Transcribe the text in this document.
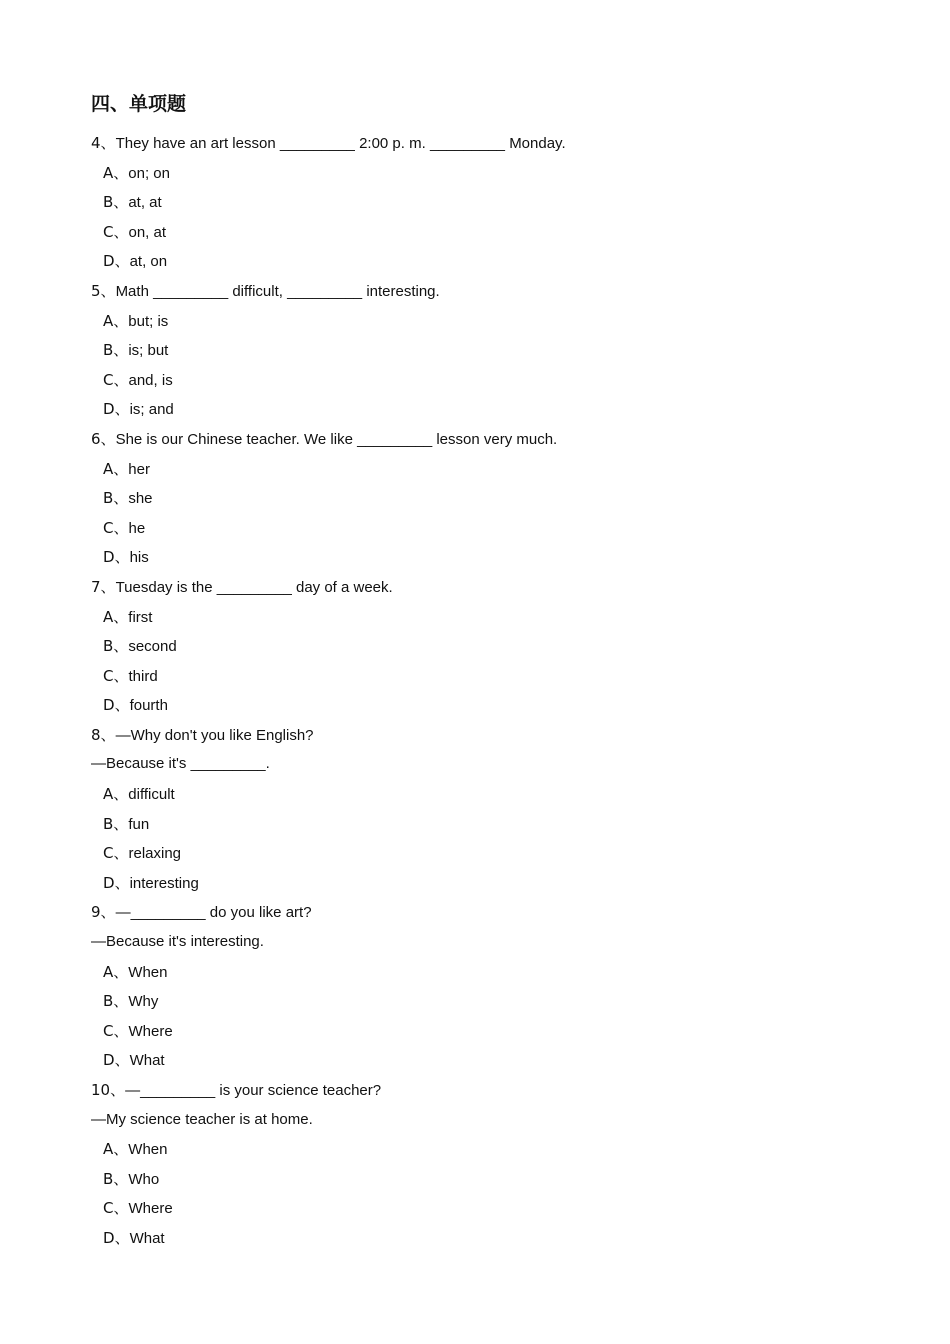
四、单项题
4、They have an art lesson _________ 2:00 p. m. _________ Monday.
A、on; on
B、at, at
C、on, at
D、at, on
5、Math _________ difficult, _________ interesting.
A、but; is
B、is; but
C、and, is
D、is; and
6、She is our Chinese teacher. We like _________ lesson very much.
A、her
B、she
C、he
D、his
7、Tuesday is the _________ day of a week.
A、first
B、second
C、third
D、fourth
8、—Why don't you like English?
—Because it's _________.
A、difficult
B、fun
C、relaxing
D、interesting
9、—_________ do you like art?
—Because it's interesting.
A、When
B、Why
C、Where
D、What
10、—_________ is your science teacher?
—My science teacher is at home.
A、When
B、Who
C、Where
D、What
